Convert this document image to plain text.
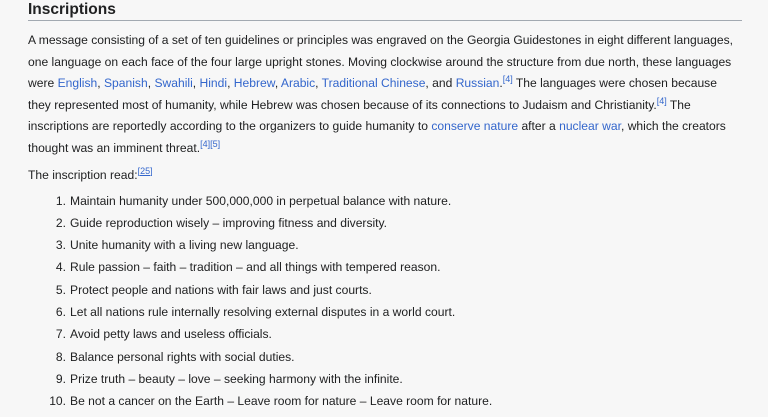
Inscriptions

A message consisting of a set of ten guidelines or principles was engraved on the Georgia Guidestones in eight different languages, one language on each face of the four large upright stones. Moving clockwise around the structure from due north, these languages were English, Spanish, Swahili, Hindi, Hebrew, Arabic, Traditional Chinese, and Russian.[4] The languages were chosen because they represented most of humanity, while Hebrew was chosen because of its connections to Judaism and Christianity.[4] The inscriptions are reportedly according to the organizers to guide humanity to conserve nature after a nuclear war, which the creators thought was an imminent threat.[4][5]

The inscription read:[25]

1. Maintain humanity under 500,000,000 in perpetual balance with nature.
2. Guide reproduction wisely – improving fitness and diversity.
3. Unite humanity with a living new language.
4. Rule passion – faith – tradition – and all things with tempered reason.
5. Protect people and nations with fair laws and just courts.
6. Let all nations rule internally resolving external disputes in a world court.
7. Avoid petty laws and useless officials.
8. Balance personal rights with social duties.
9. Prize truth – beauty – love – seeking harmony with the infinite.
10. Be not a cancer on the Earth – Leave room for nature – Leave room for nature.
